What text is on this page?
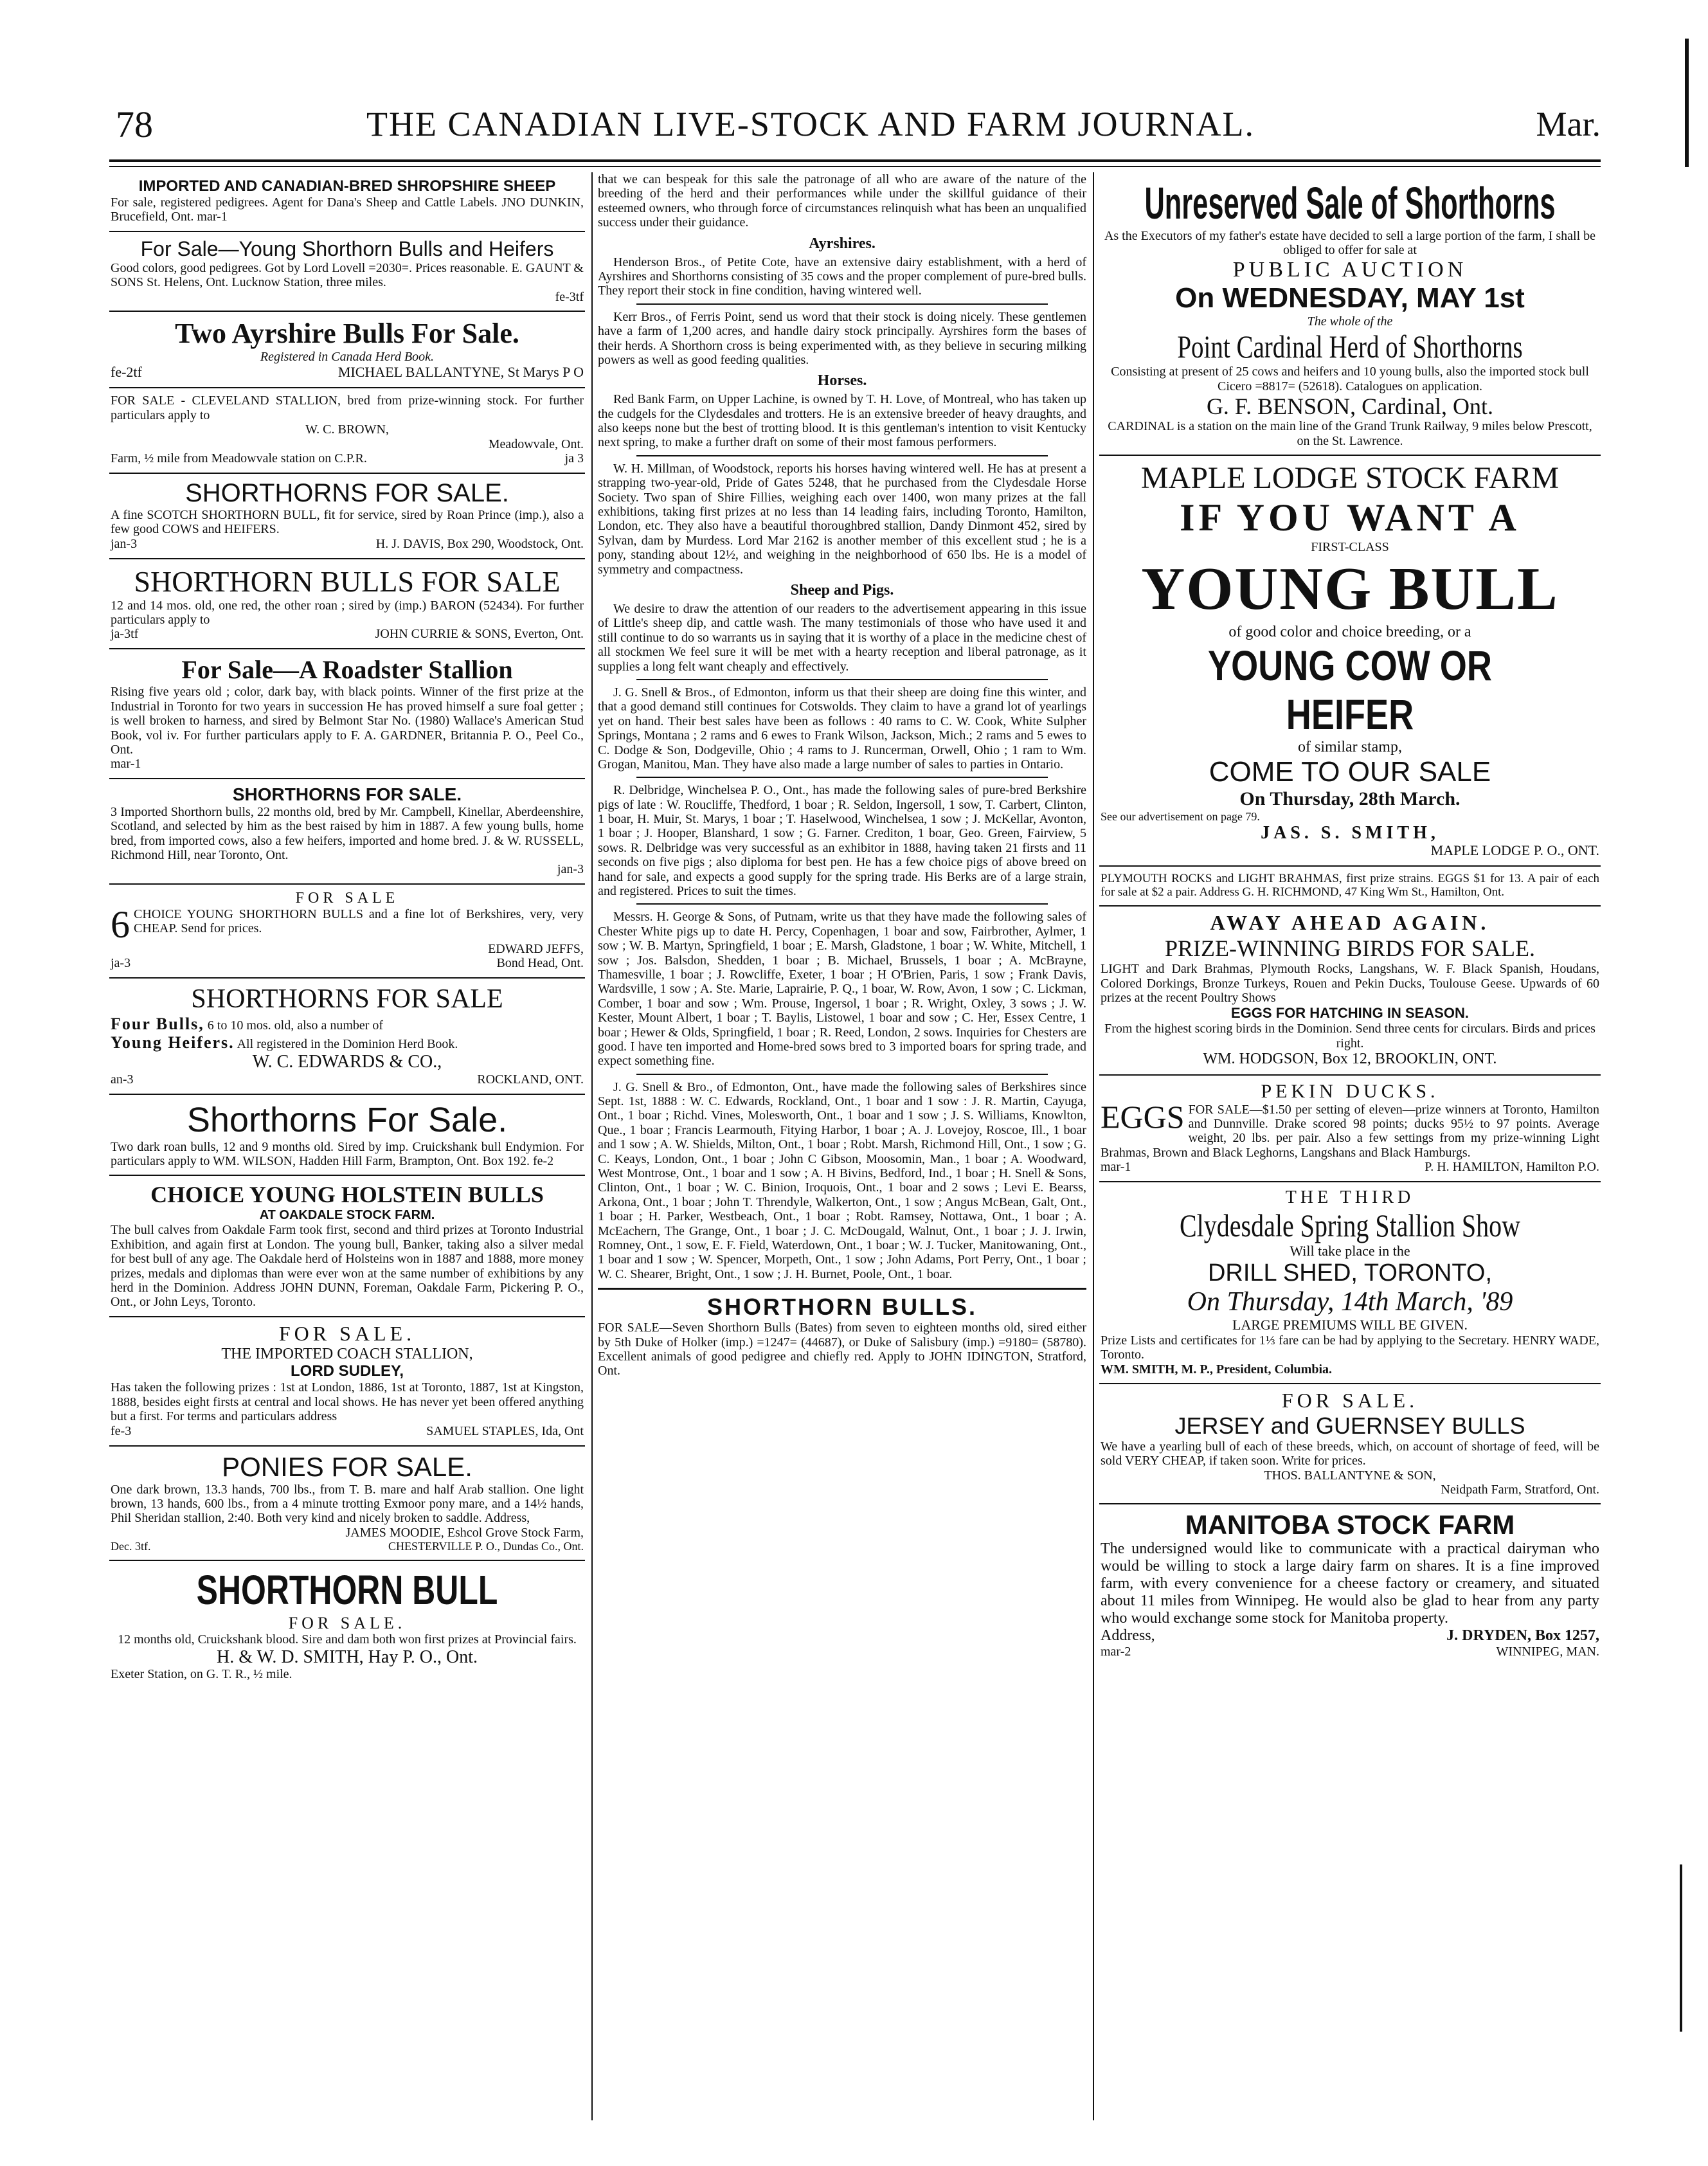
78	THE CANADIAN LIVE-STOCK AND FARM JOURNAL.	Mar.
IMPORTED AND CANADIAN-BRED SHROPSHIRE SHEEP
For sale, registered pedigrees. Agent for Dana's Sheep and Cattle Labels. JNO DUNKIN, Brucefield, Ont. mar-1
For Sale—Young Shorthorn Bulls and Heifers
Good colors, good pedigrees. Got by Lord Lovell =2030=. Prices reasonable. E. GAUNT & SONS St. Helens, Ont. Lucknow Station, three miles.
fe-3tf
Two Ayrshire Bulls For Sale.
Registered in Canada Herd Book.
fe-2tf	MICHAEL BALLANTYNE, St Marys P O
FOR SALE - CLEVELAND STALLION, bred from prize-winning stock. For further particulars apply to
W. C. BROWN,
Meadowvale, Ont.
Farm, ½ mile from Meadowvale station on C.P.R.	ja 3
SHORTHORNS FOR SALE.
A fine SCOTCH SHORTHORN BULL, fit for service, sired by Roan Prince (imp.), also a few good COWS and HEIFERS.
jan-3	H. J. DAVIS, Box 290, Woodstock, Ont.
SHORTHORN BULLS FOR SALE
12 and 14 mos. old, one red, the other roan ; sired by (imp.) BARON (52434). For further particulars apply to
ja-3tf	JOHN CURRIE & SONS, Everton, Ont.
For Sale—A Roadster Stallion
Rising five years old ; color, dark bay, with black points. Winner of the first prize at the Industrial in Toronto for two years in succession He has proved himself a sure foal getter ; is well broken to harness, and sired by Belmont Star No. (1980) Wallace's American Stud Book, vol iv. For further particulars apply to F. A. GARDNER, Britannia P. O., Peel Co., Ont.
mar-1
SHORTHORNS FOR SALE.
3 Imported Shorthorn bulls, 22 months old, bred by Mr. Campbell, Kinellar, Aberdeenshire, Scotland, and selected by him as the best raised by him in 1887. A few young bulls, home bred, from imported cows, also a few heifers, imported and home bred. J. & W. RUSSELL, Richmond Hill, near Toronto, Ont.
jan-3
FOR SALE
6 CHOICE YOUNG SHORTHORN BULLS and a fine lot of Berkshires, very, very CHEAP. Send for prices.
EDWARD JEFFS,
ja-3	Bond Head, Ont.
SHORTHORNS FOR SALE
Four Bulls, 6 to 10 mos. old, also a number of
Young Heifers. All registered in the Dominion Herd Book.
W. C. EDWARDS & CO.,
an-3	ROCKLAND, ONT.
Shorthorns For Sale.
Two dark roan bulls, 12 and 9 months old. Sired by imp. Cruickshank bull Endymion. For particulars apply to WM. WILSON, Hadden Hill Farm, Brampton, Ont. Box 192. fe-2
CHOICE YOUNG HOLSTEIN BULLS
AT OAKDALE STOCK FARM.
The bull calves from Oakdale Farm took first, second and third prizes at Toronto Industrial Exhibition, and again first at London. The young bull, Banker, taking also a silver medal for best bull of any age. The Oakdale herd of Holsteins won in 1887 and 1888, more money prizes, medals and diplomas than were ever won at the same number of exhibitions by any herd in the Dominion. Address JOHN DUNN, Foreman, Oakdale Farm, Pickering P. O., Ont., or John Leys, Toronto.
FOR SALE.
THE IMPORTED COACH STALLION,
LORD SUDLEY,
Has taken the following prizes : 1st at London, 1886, 1st at Toronto, 1887, 1st at Kingston, 1888, besides eight firsts at central and local shows. He has never yet been offered anything but a first. For terms and particulars address
fe-3	SAMUEL STAPLES, Ida, Ont
PONIES FOR SALE.
One dark brown, 13.3 hands, 700 lbs., from T. B. mare and half Arab stallion. One light brown, 13 hands, 600 lbs., from a 4 minute trotting Exmoor pony mare, and a 14½ hands, Phil Sheridan stallion, 2:40. Both very kind and nicely broken to saddle. Address,
JAMES MOODIE, Eshcol Grove Stock Farm,
Dec. 3tf.	CHESTERVILLE P. O., Dundas Co., Ont.
SHORTHORN BULL
FOR SALE.
12 months old, Cruickshank blood. Sire and dam both won first prizes at Provincial fairs.
H. & W. D. SMITH, Hay P. O., Ont.
Exeter Station, on G. T. R., ½ mile.

that we can bespeak for this sale the patronage of all who are aware of the nature of the breeding of the herd and their performances while under the skillful guidance of their esteemed owners, who through force of circumstances relinquish what has been an unqualified success under their guidance.

Ayrshires.

Henderson Bros., of Petite Cote, have an extensive dairy establishment, with a herd of Ayrshires and Shorthorns consisting of 35 cows and the proper complement of pure-bred bulls. They report their stock in fine condition, having wintered well.

Kerr Bros., of Ferris Point, send us word that their stock is doing nicely. These gentlemen have a farm of 1,200 acres, and handle dairy stock principally. Ayrshires form the bases of their herds. A Shorthorn cross is being experimented with, as they believe in securing milking powers as well as good feeding qualities.

Horses.

Red Bank Farm, on Upper Lachine, is owned by T. H. Love, of Montreal, who has taken up the cudgels for the Clydesdales and trotters. He is an extensive breeder of heavy draughts, and also keeps none but the best of trotting blood. It is this gentleman's intention to visit Kentucky next spring, to make a further draft on some of their most famous performers.

W. H. Millman, of Woodstock, reports his horses having wintered well. He has at present a strapping two-year-old, Pride of Gates 5248, that he purchased from the Clydesdale Horse Society. Two span of Shire Fillies, weighing each over 1400, won many prizes at the fall exhibitions, taking first prizes at no less than 14 leading fairs, including Toronto, Hamilton, London, etc. They also have a beautiful thoroughbred stallion, Dandy Dinmont 452, sired by Sylvan, dam by Murdess. Lord Mar 2162 is another member of this excellent stud ; he is a pony, standing about 12½, and weighing in the neighborhood of 650 lbs. He is a model of symmetry and compactness.

Sheep and Pigs.

We desire to draw the attention of our readers to the advertisement appearing in this issue of Little's sheep dip, and cattle wash. The many testimonials of those who have used it and still continue to do so warrants us in saying that it is worthy of a place in the medicine chest of all stockmen We feel sure it will be met with a hearty reception and liberal patronage, as it supplies a long felt want cheaply and effectively.

J. G. Snell & Bros., of Edmonton, inform us that their sheep are doing fine this winter, and that a good demand still continues for Cotswolds. They claim to have a grand lot of yearlings yet on hand. Their best sales have been as follows : 40 rams to C. W. Cook, White Sulpher Springs, Montana ; 2 rams and 6 ewes to Frank Wilson, Jackson, Mich.; 2 rams and 5 ewes to C. Dodge & Son, Dodgeville, Ohio ; 4 rams to J. Runcerman, Orwell, Ohio ; 1 ram to Wm. Grogan, Manitou, Man. They have also made a large number of sales to parties in Ontario.

R. Delbridge, Winchelsea P. O., Ont., has made the following sales of pure-bred Berkshire pigs of late : W. Roucliffe, Thedford, 1 boar ; R. Seldon, Ingersoll, 1 sow, T. Carbert, Clinton, 1 boar, H. Muir, St. Marys, 1 boar ; T. Haselwood, Winchelsea, 1 sow ; J. McKellar, Avonton, 1 boar ; J. Hooper, Blanshard, 1 sow ; G. Farner. Crediton, 1 boar, Geo. Green, Fairview, 5 sows. R. Delbridge was very successful as an exhibitor in 1888, having taken 21 firsts and 11 seconds on five pigs ; also diploma for best pen. He has a few choice pigs of above breed on hand for sale, and expects a good supply for the spring trade. His Berks are of a large strain, and registered. Prices to suit the times.

Messrs. H. George & Sons, of Putnam, write us that they have made the following sales of Chester White pigs up to date H. Percy, Copenhagen, 1 boar and sow, Fairbrother, Aylmer, 1 sow ; W. B. Martyn, Springfield, 1 boar ; E. Marsh, Gladstone, 1 boar ; W. White, Mitchell, 1 sow ; Jos. Balsdon, Shedden, 1 boar ; B. Michael, Brussels, 1 boar ; A. McBrayne, Thamesville, 1 boar ; J. Rowcliffe, Exeter, 1 boar ; H O'Brien, Paris, 1 sow ; Frank Davis, Wardsville, 1 sow ; A. Ste. Marie, Laprairie, P. Q., 1 boar, W. Row, Avon, 1 sow ; C. Lickman, Comber, 1 boar and sow ; Wm. Prouse, Ingersol, 1 boar ; R. Wright, Oxley, 3 sows ; J. W. Kester, Mount Albert, 1 boar ; T. Baylis, Listowel, 1 boar and sow ; C. Her, Essex Centre, 1 boar ; Hewer & Olds, Springfield, 1 boar ; R. Reed, London, 2 sows. Inquiries for Chesters are good. I have ten imported and Home-bred sows bred to 3 imported boars for spring trade, and expect something fine.

J. G. Snell & Bro., of Edmonton, Ont., have made the following sales of Berkshires since Sept. 1st, 1888 : W. C. Edwards, Rockland, Ont., 1 boar and 1 sow : J. R. Martin, Cayuga, Ont., 1 boar ; Richd. Vines, Molesworth, Ont., 1 boar and 1 sow ; J. S. Williams, Knowlton, Que., 1 boar ; Francis Learmouth, Fitying Harbor, 1 boar ; A. J. Lovejoy, Roscoe, Ill., 1 boar and 1 sow ; A. W. Shields, Milton, Ont., 1 boar ; Robt. Marsh, Richmond Hill, Ont., 1 sow ; G. C. Keays, London, Ont., 1 boar ; John C Gibson, Moosomin, Man., 1 boar ; A. Woodward, West Montrose, Ont., 1 boar and 1 sow ; A. H Bivins, Bedford, Ind., 1 boar ; H. Snell & Sons, Clinton, Ont., 1 boar ; W. C. Binion, Iroquois, Ont., 1 boar and 2 sows ; Levi E. Bearss, Arkona, Ont., 1 boar ; John T. Threndyle, Walkerton, Ont., 1 sow ; Angus McBean, Galt, Ont., 1 boar ; H. Parker, Westbeach, Ont., 1 boar ; Robt. Ramsey, Nottawa, Ont., 1 boar ; A. McEachern, The Grange, Ont., 1 boar ; J. C. McDougald, Walnut, Ont., 1 boar ; J. J. Irwin, Romney, Ont., 1 sow, E. F. Field, Waterdown, Ont., 1 boar ; W. J. Tucker, Manitowaning, Ont., 1 boar and 1 sow ; W. Spencer, Morpeth, Ont., 1 sow ; John Adams, Port Perry, Ont., 1 boar ; W. C. Shearer, Bright, Ont., 1 sow ; J. H. Burnet, Poole, Ont., 1 boar.

SHORTHORN BULLS.
FOR SALE—Seven Shorthorn Bulls (Bates) from seven to eighteen months old, sired either by 5th Duke of Holker (imp.) =1247= (44687), or Duke of Salisbury (imp.) =9180= (58780). Excellent animals of good pedigree and chiefly red. Apply to JOHN IDINGTON, Stratford, Ont.
Unreserved Sale of Shorthorns
As the Executors of my father's estate have decided to sell a large portion of the farm, I shall be obliged to offer for sale at
PUBLIC AUCTION
On WEDNESDAY, MAY 1st
The whole of the
Point Cardinal Herd of Shorthorns
Consisting at present of 25 cows and heifers and 10 young bulls, also the imported stock bull Cicero =8817= (52618). Catalogues on application.
G. F. BENSON, Cardinal, Ont.
CARDINAL is a station on the main line of the Grand Trunk Railway, 9 miles below Prescott, on the St. Lawrence.
MAPLE LODGE STOCK FARM
IF YOU WANT A
FIRST-CLASS
YOUNG BULL
of good color and choice breeding, or a
YOUNG COW OR HEIFER
of similar stamp,
COME TO OUR SALE
On Thursday, 28th March.
See our advertisement on page 79.
JAS. S. SMITH,
MAPLE LODGE P. O., ONT.
PLYMOUTH ROCKS and LIGHT BRAHMAS, first prize strains. EGGS $1 for 13. A pair of each for sale at $2 a pair. Address G. H. RICHMOND, 47 King Wm St., Hamilton, Ont.
AWAY AHEAD AGAIN.
PRIZE-WINNING BIRDS FOR SALE.
LIGHT and Dark Brahmas, Plymouth Rocks, Langshans, W. F. Black Spanish, Houdans, Colored Dorkings, Bronze Turkeys, Rouen and Pekin Ducks, Toulouse Geese. Upwards of 60 prizes at the recent Poultry Shows
EGGS FOR HATCHING IN SEASON.
From the highest scoring birds in the Dominion. Send three cents for circulars. Birds and prices right.
WM. HODGSON, Box 12, BROOKLIN, ONT.
PEKIN DUCKS.
EGGS FOR SALE—$1.50 per setting of eleven—prize winners at Toronto, Hamilton and Dunnville. Drake scored 98 points; ducks 95½ to 97 points. Average weight, 20 lbs. per pair. Also a few settings from my prize-winning Light Brahmas, Brown and Black Leghorns, Langshans and Black Hamburgs.
mar-1	P. H. HAMILTON, Hamilton P.O.
THE THIRD
Clydesdale Spring Stallion Show
Will take place in the
DRILL SHED, TORONTO,
On Thursday, 14th March, '89
LARGE PREMIUMS WILL BE GIVEN.
Prize Lists and certificates for 1⅓ fare can be had by applying to the Secretary. HENRY WADE, Toronto.
WM. SMITH, M. P., President, Columbia.
FOR SALE.
JERSEY and GUERNSEY BULLS
We have a yearling bull of each of these breeds, which, on account of shortage of feed, will be sold VERY CHEAP, if taken soon. Write for prices.
THOS. BALLANTYNE & SON,
Neidpath Farm, Stratford, Ont.
MANITOBA STOCK FARM
The undersigned would like to communicate with a practical dairyman who would be willing to stock a large dairy farm on shares. It is a fine improved farm, with every convenience for a cheese factory or creamery, and situated about 11 miles from Winnipeg. He would also be glad to hear from any party who would exchange some stock for Manitoba property.
Address,	J. DRYDEN, Box 1257,
mar-2	WINNIPEG, MAN.
